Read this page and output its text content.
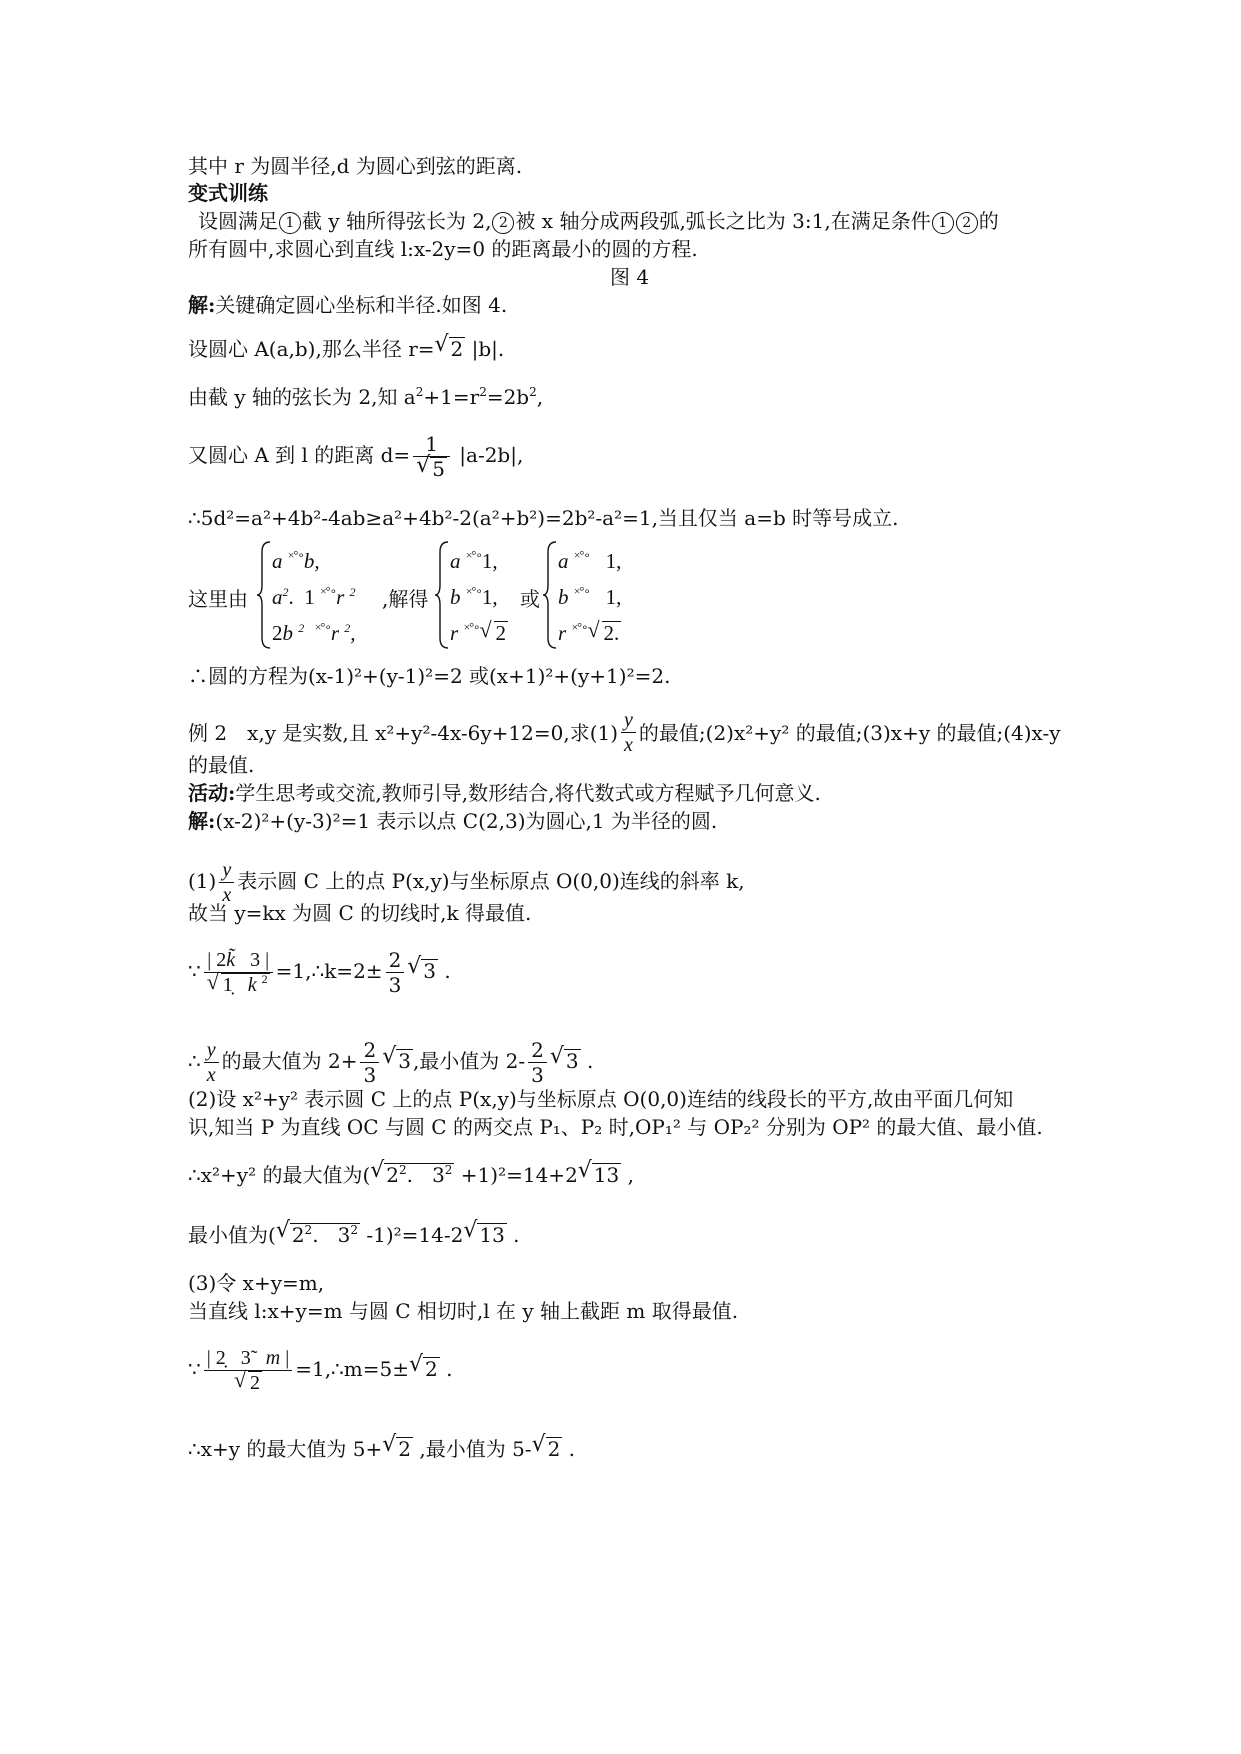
其中 r 为圆半径,d 为圆心到弦的距离.
变式训练
设圆满足 1 截 y 轴所得弦长为 2, 2 被 x 轴分成两段弧,弧长之比为 3:1,在满足条件 1 2 的
所有圆中,求圆心到直线 l:x-2y=0 的距离最小的圆的方程.
图 4
解:关键确定圆心坐标和半径.如图 4.
设圆心 A(a,b),那么半径 r= √ 2 |b|.
由截 y 轴的弦长为 2,知 $a^2+1=r^2=2b^2$,
又圆心 A 到 l 的距离 $d= \frac{1}{√ 5} |a-2b|$,
∴5d²=a²+4b²-4ab≥a²+4b²-2(a²+b²)=2b²-a²=1,当且仅当 a=b 时等号成立.
这里由
a ×°∘b,
$a^2$. 1 ×°∘r $^2$
2b $^2$ ×°∘r $^2$,
,解得
a ×°∘1,
b ×°∘1,
r ×°∘ √ 2
或
a ×°∘ 1,
b ×°∘ 1,
r ×°∘ √ 2.
∴圆的方程为(x-1)²+(y-1)²=2 或(x+1)²+(y+1)²=2.
例 2　x,y 是实数,且 x²+y²-4x-6y+12=0,求$(1) \frac{y}{x}$ 的最值;(2)x²+y² 的最值;(3)x+y 的最值;(4)x-y
的最值.
活动:学生思考或交流,教师引导,数形结合,将代数式或方程赋予几何意义.
解:(x-2)²+(y-3)²=1 表示以点 C(2,3)为圆心,1 为半径的圆.
$(1) \frac{y}{x}$ 表示圆 C 上的点 P(x,y)与坐标原点 O(0,0)连线的斜率 k,
故当 y=kx 为圆 C 的切线时,k 得最值.
∵ $\frac{| 2k̃ 3 |}{√ 1̣ k ^2}$ =1,∴k=2± $\frac{2}{3}$ √ 3 .
∴ $\frac{y}{x}$ 的最大值为 $2+ \frac{2}{3}$ √ 3 ,最小值为 $2- \frac{2}{3}$ √ 3 .
(2)设 x²+y² 表示圆 C 上的点 P(x,y)与坐标原点 O(0,0)连结的线段长的平方,故由平面几何知
识,知当 P 为直线 OC 与圆 C 的两交点 P₁、P₂ 时,OP₁² 与 OP₂² 分别为 OP² 的最大值、最小值.
∴x²+y² 的最大值为( √ $2^2$.   $3^2 +1)^2=14+2$ √ 13 ,
最小值为( √ $2^2$.   $3^2$ -1)²=14-2 √ 13 .
(3)令 x+y=m,
当直线 l:x+y=m 与圆 C 相切时,l 在 y 轴上截距 m 取得最值.
∵ $\frac{| 2̣ 3̃ m |}{√ 2}$ =1,∴m=5± √ 2 .
∴x+y 的最大值为 5+ √ 2 ,最小值为 5- √ 2 .
